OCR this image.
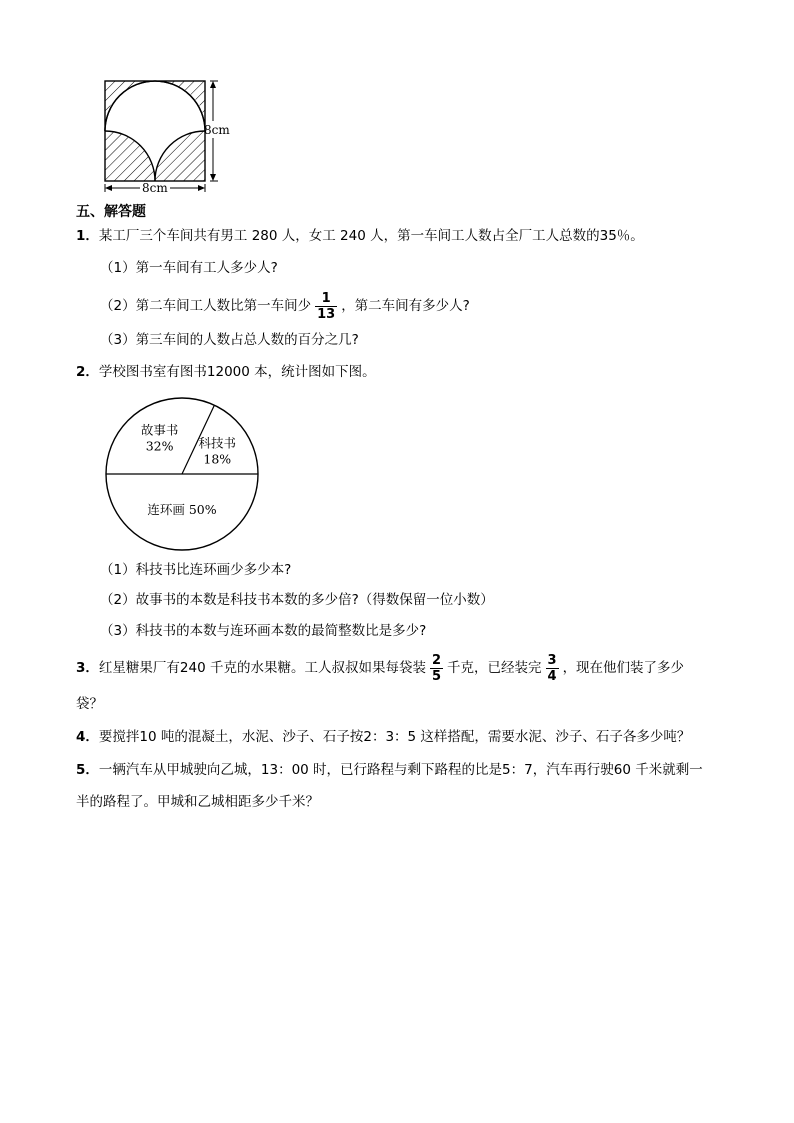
8cm
8cm
五、解答题
1．某工厂三个车间共有男工 280 人，女工 240 人，第一车间工人数占全厂工人总数的35％。
（1）第一车间有工人多少人?
（2）第二车间工人数比第一车间少 $\frac{1}{13}$ ，第二车间有多少人?
（3）第三车间的人数占总人数的百分之几?
2．学校图书室有图书12000 本，统计图如下图。
故事书
32% 科技书
18%
连环画 50%
（1）科技书比连环画少多少本?
（2）故事书的本数是科技书本数的多少倍?（得数保留一位小数）
（3）科技书的本数与连环画本数的最简整数比是多少?
3． 红星糖果厂有240 千克的水果糖。工人叔叔如果每袋装 $\frac{2}{5}$ 千克，已经装完 $\frac{3}{4}$ ，现在他们装了多少
袋？
4．要搅拌10 吨的混凝土，水泥、沙子、石子按2：3：5 这样搭配，需要水泥、沙子、石子各多少吨？
5．一辆汽车从甲城驶向乙城，13：00 时，已行路程与剩下路程的比是5：7，汽车再行驶60 千米就剩一
半的路程了。甲城和乙城相距多少千米？
